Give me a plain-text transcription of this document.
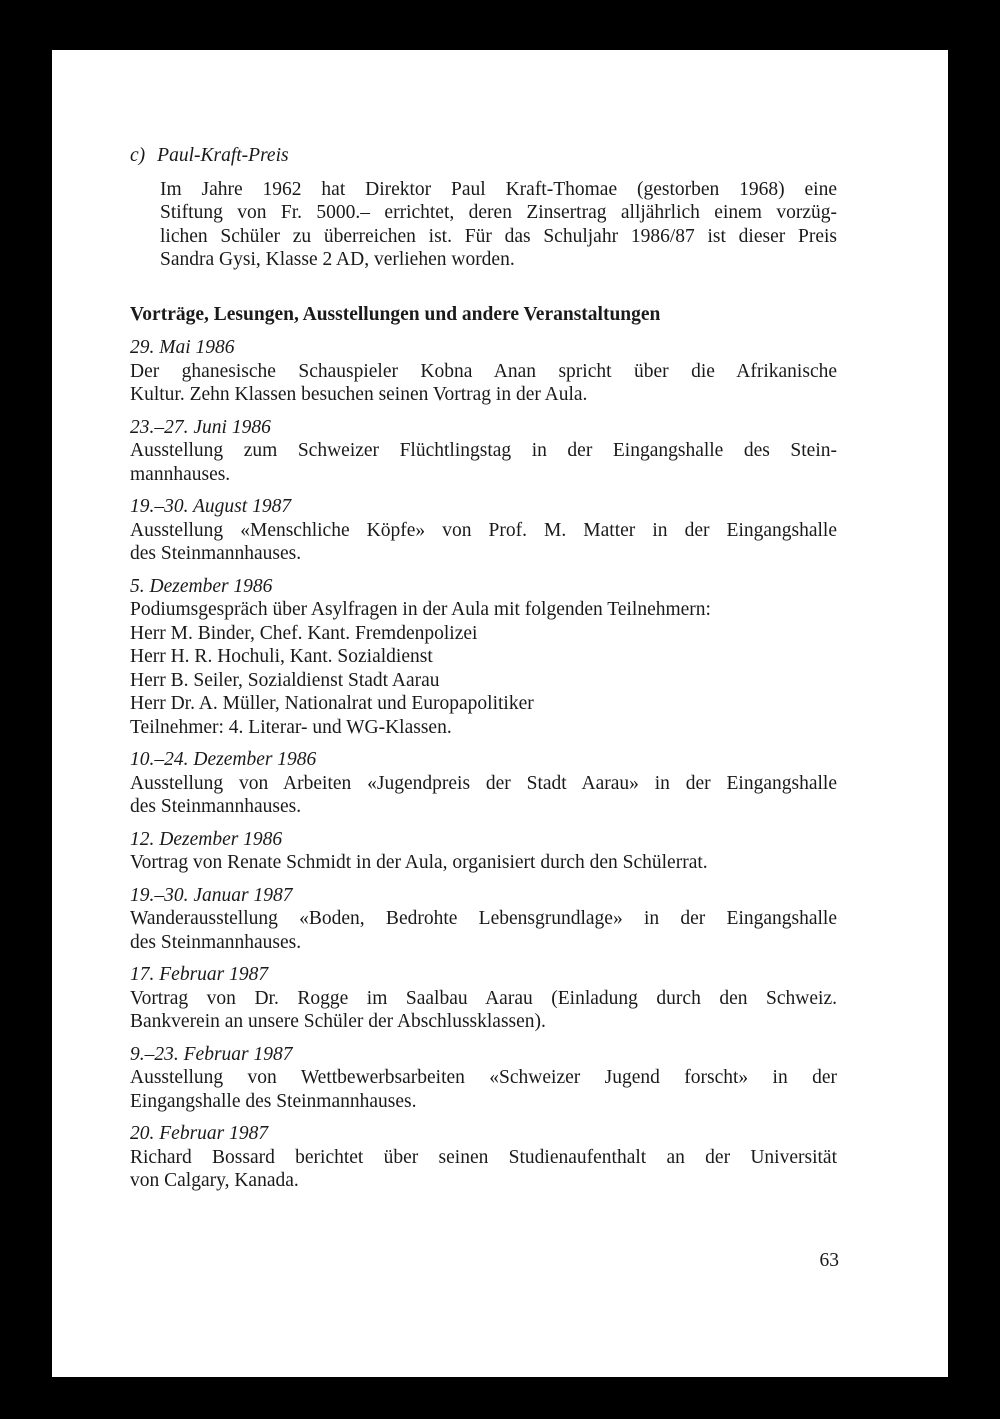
c) Paul-Kraft-Preis
Im Jahre 1962 hat Direktor Paul Kraft-Thomae (gestorben 1968) eine
Stiftung von Fr. 5000.– errichtet, deren Zinsertrag alljährlich einem vorzüg-
lichen Schüler zu überreichen ist. Für das Schuljahr 1986/87 ist dieser Preis
Sandra Gysi, Klasse 2 AD, verliehen worden.
Vorträge, Lesungen, Ausstellungen und andere Veranstaltungen
29. Mai 1986
Der ghanesische Schauspieler Kobna Anan spricht über die Afrikanische
Kultur. Zehn Klassen besuchen seinen Vortrag in der Aula.
23.–27. Juni 1986
Ausstellung zum Schweizer Flüchtlingstag in der Eingangshalle des Stein-
mannhauses.
19.–30. August 1987
Ausstellung «Menschliche Köpfe» von Prof. M. Matter in der Eingangshalle
des Steinmannhauses.
5. Dezember 1986
Podiumsgespräch über Asylfragen in der Aula mit folgenden Teilnehmern:
Herr M. Binder, Chef. Kant. Fremdenpolizei
Herr H. R. Hochuli, Kant. Sozialdienst
Herr B. Seiler, Sozialdienst Stadt Aarau
Herr Dr. A. Müller, Nationalrat und Europapolitiker
Teilnehmer: 4. Literar- und WG-Klassen.
10.–24. Dezember 1986
Ausstellung von Arbeiten «Jugendpreis der Stadt Aarau» in der Eingangshalle
des Steinmannhauses.
12. Dezember 1986
Vortrag von Renate Schmidt in der Aula, organisiert durch den Schülerrat.
19.–30. Januar 1987
Wanderausstellung «Boden, Bedrohte Lebensgrundlage» in der Eingangshalle
des Steinmannhauses.
17. Februar 1987
Vortrag von Dr. Rogge im Saalbau Aarau (Einladung durch den Schweiz.
Bankverein an unsere Schüler der Abschlussklassen).
9.–23. Februar 1987
Ausstellung von Wettbewerbsarbeiten «Schweizer Jugend forscht» in der
Eingangshalle des Steinmannhauses.
20. Februar 1987
Richard Bossard berichtet über seinen Studienaufenthalt an der Universität
von Calgary, Kanada.
63
